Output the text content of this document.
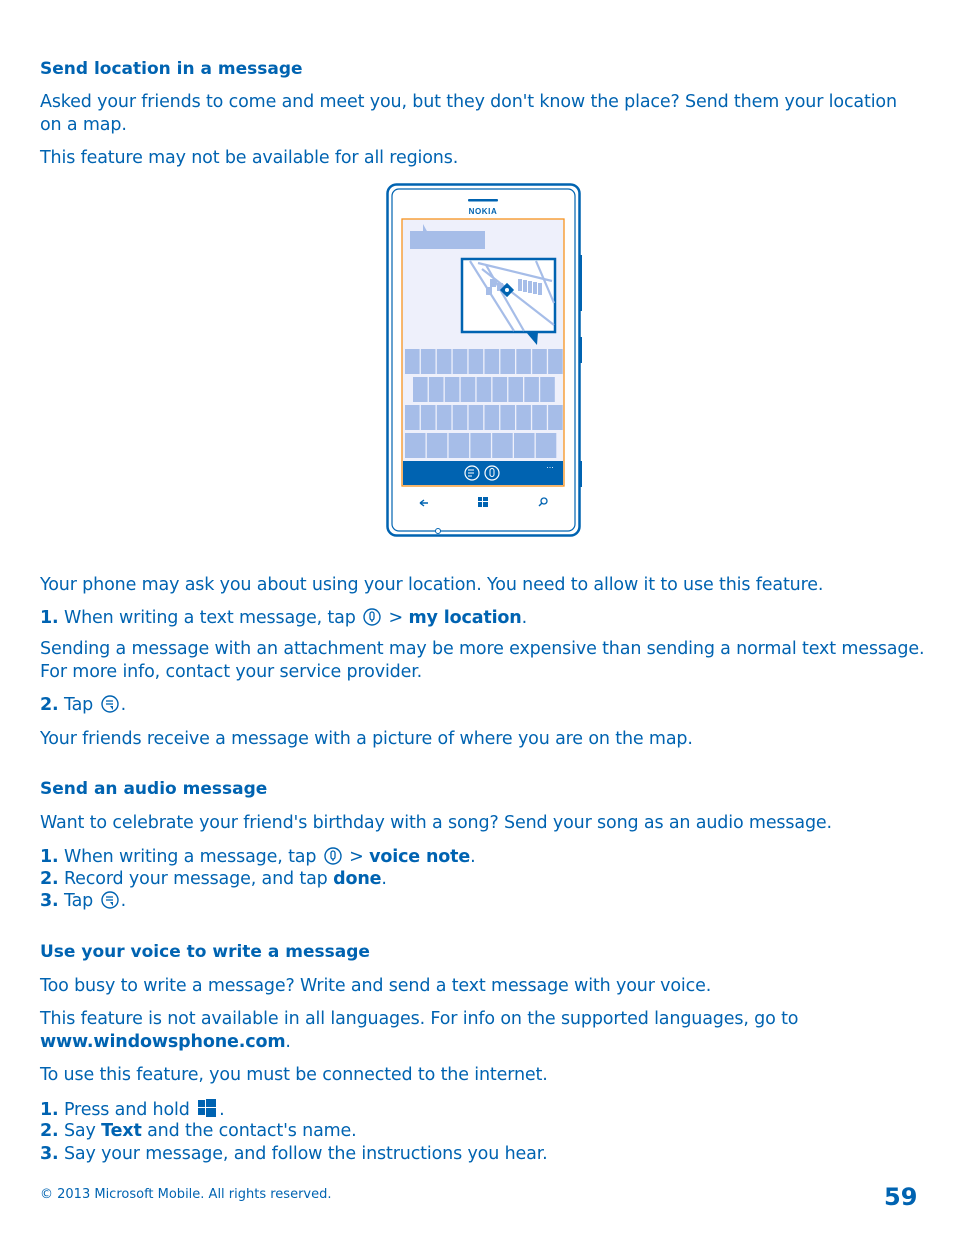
Send location in a message

Asked your friends to come and meet you, but they don't know the place? Send them your location

on a map.

This feature may not be available for all regions.

NOKIA
...

Your phone may ask you about using your location. You need to allow it to use this feature.

1. When writing a text message, tap > my location.

Sending a message with an attachment may be more expensive than sending a normal text message.

For more info, contact your service provider.

2. Tap .

Your friends receive a message with a picture of where you are on the map.

Send an audio message

Want to celebrate your friend's birthday with a song? Send your song as an audio message.

1. When writing a message, tap > voice note.

2. Record your message, and tap done.

3. Tap .

Use your voice to write a message

Too busy to write a message? Write and send a text message with your voice.

This feature is not available in all languages. For info on the supported languages, go to

www.windowsphone.com.

To use this feature, you must be connected to the internet.

1. Press and hold .

2. Say Text and the contact's name.

3. Say your message, and follow the instructions you hear.

© 2013 Microsoft Mobile. All rights reserved.	59
